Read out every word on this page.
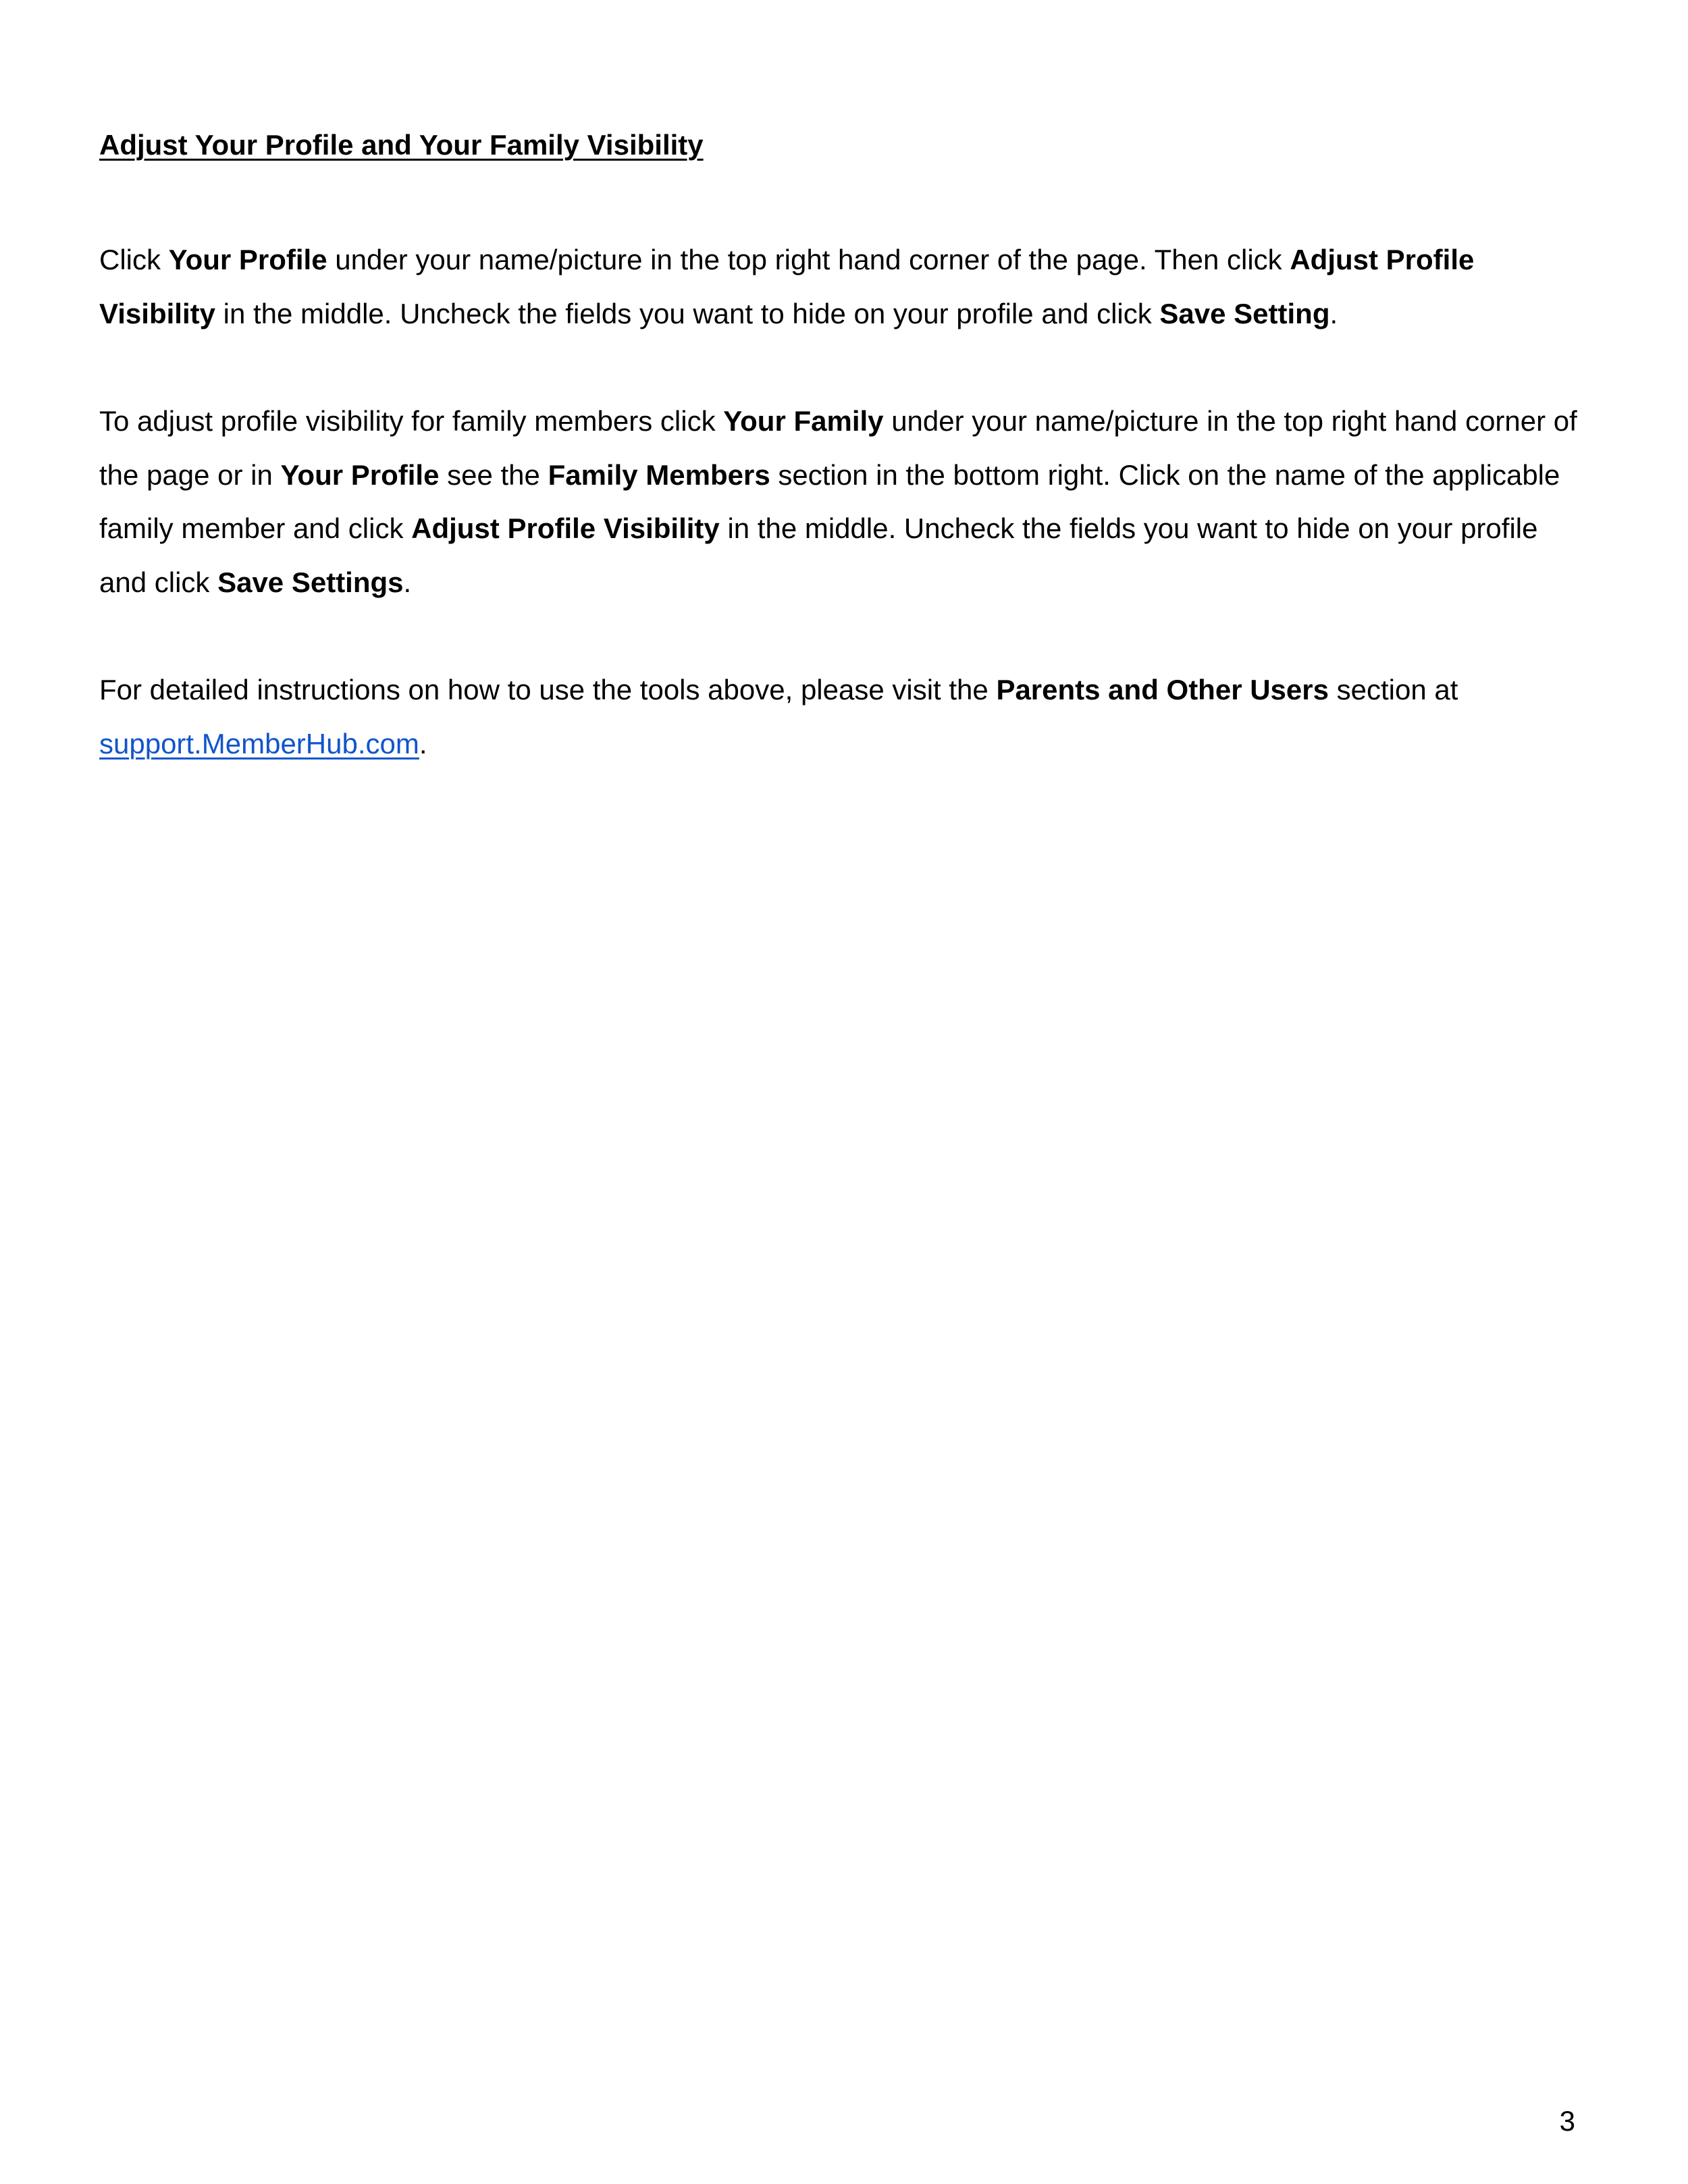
Adjust Your Profile and Your Family Visibility

Click Your Profile under your name/picture in the top right hand corner of the page. Then click Adjust Profile Visibility in the middle. Uncheck the fields you want to hide on your profile and click Save Setting.

To adjust profile visibility for family members click Your Family under your name/picture in the top right hand corner of the page or in Your Profile see the Family Members section in the bottom right. Click on the name of the applicable family member and click Adjust Profile Visibility in the middle. Uncheck the fields you want to hide on your profile and click Save Settings.

For detailed instructions on how to use the tools above, please visit the Parents and Other Users section at support.MemberHub.com.

3
